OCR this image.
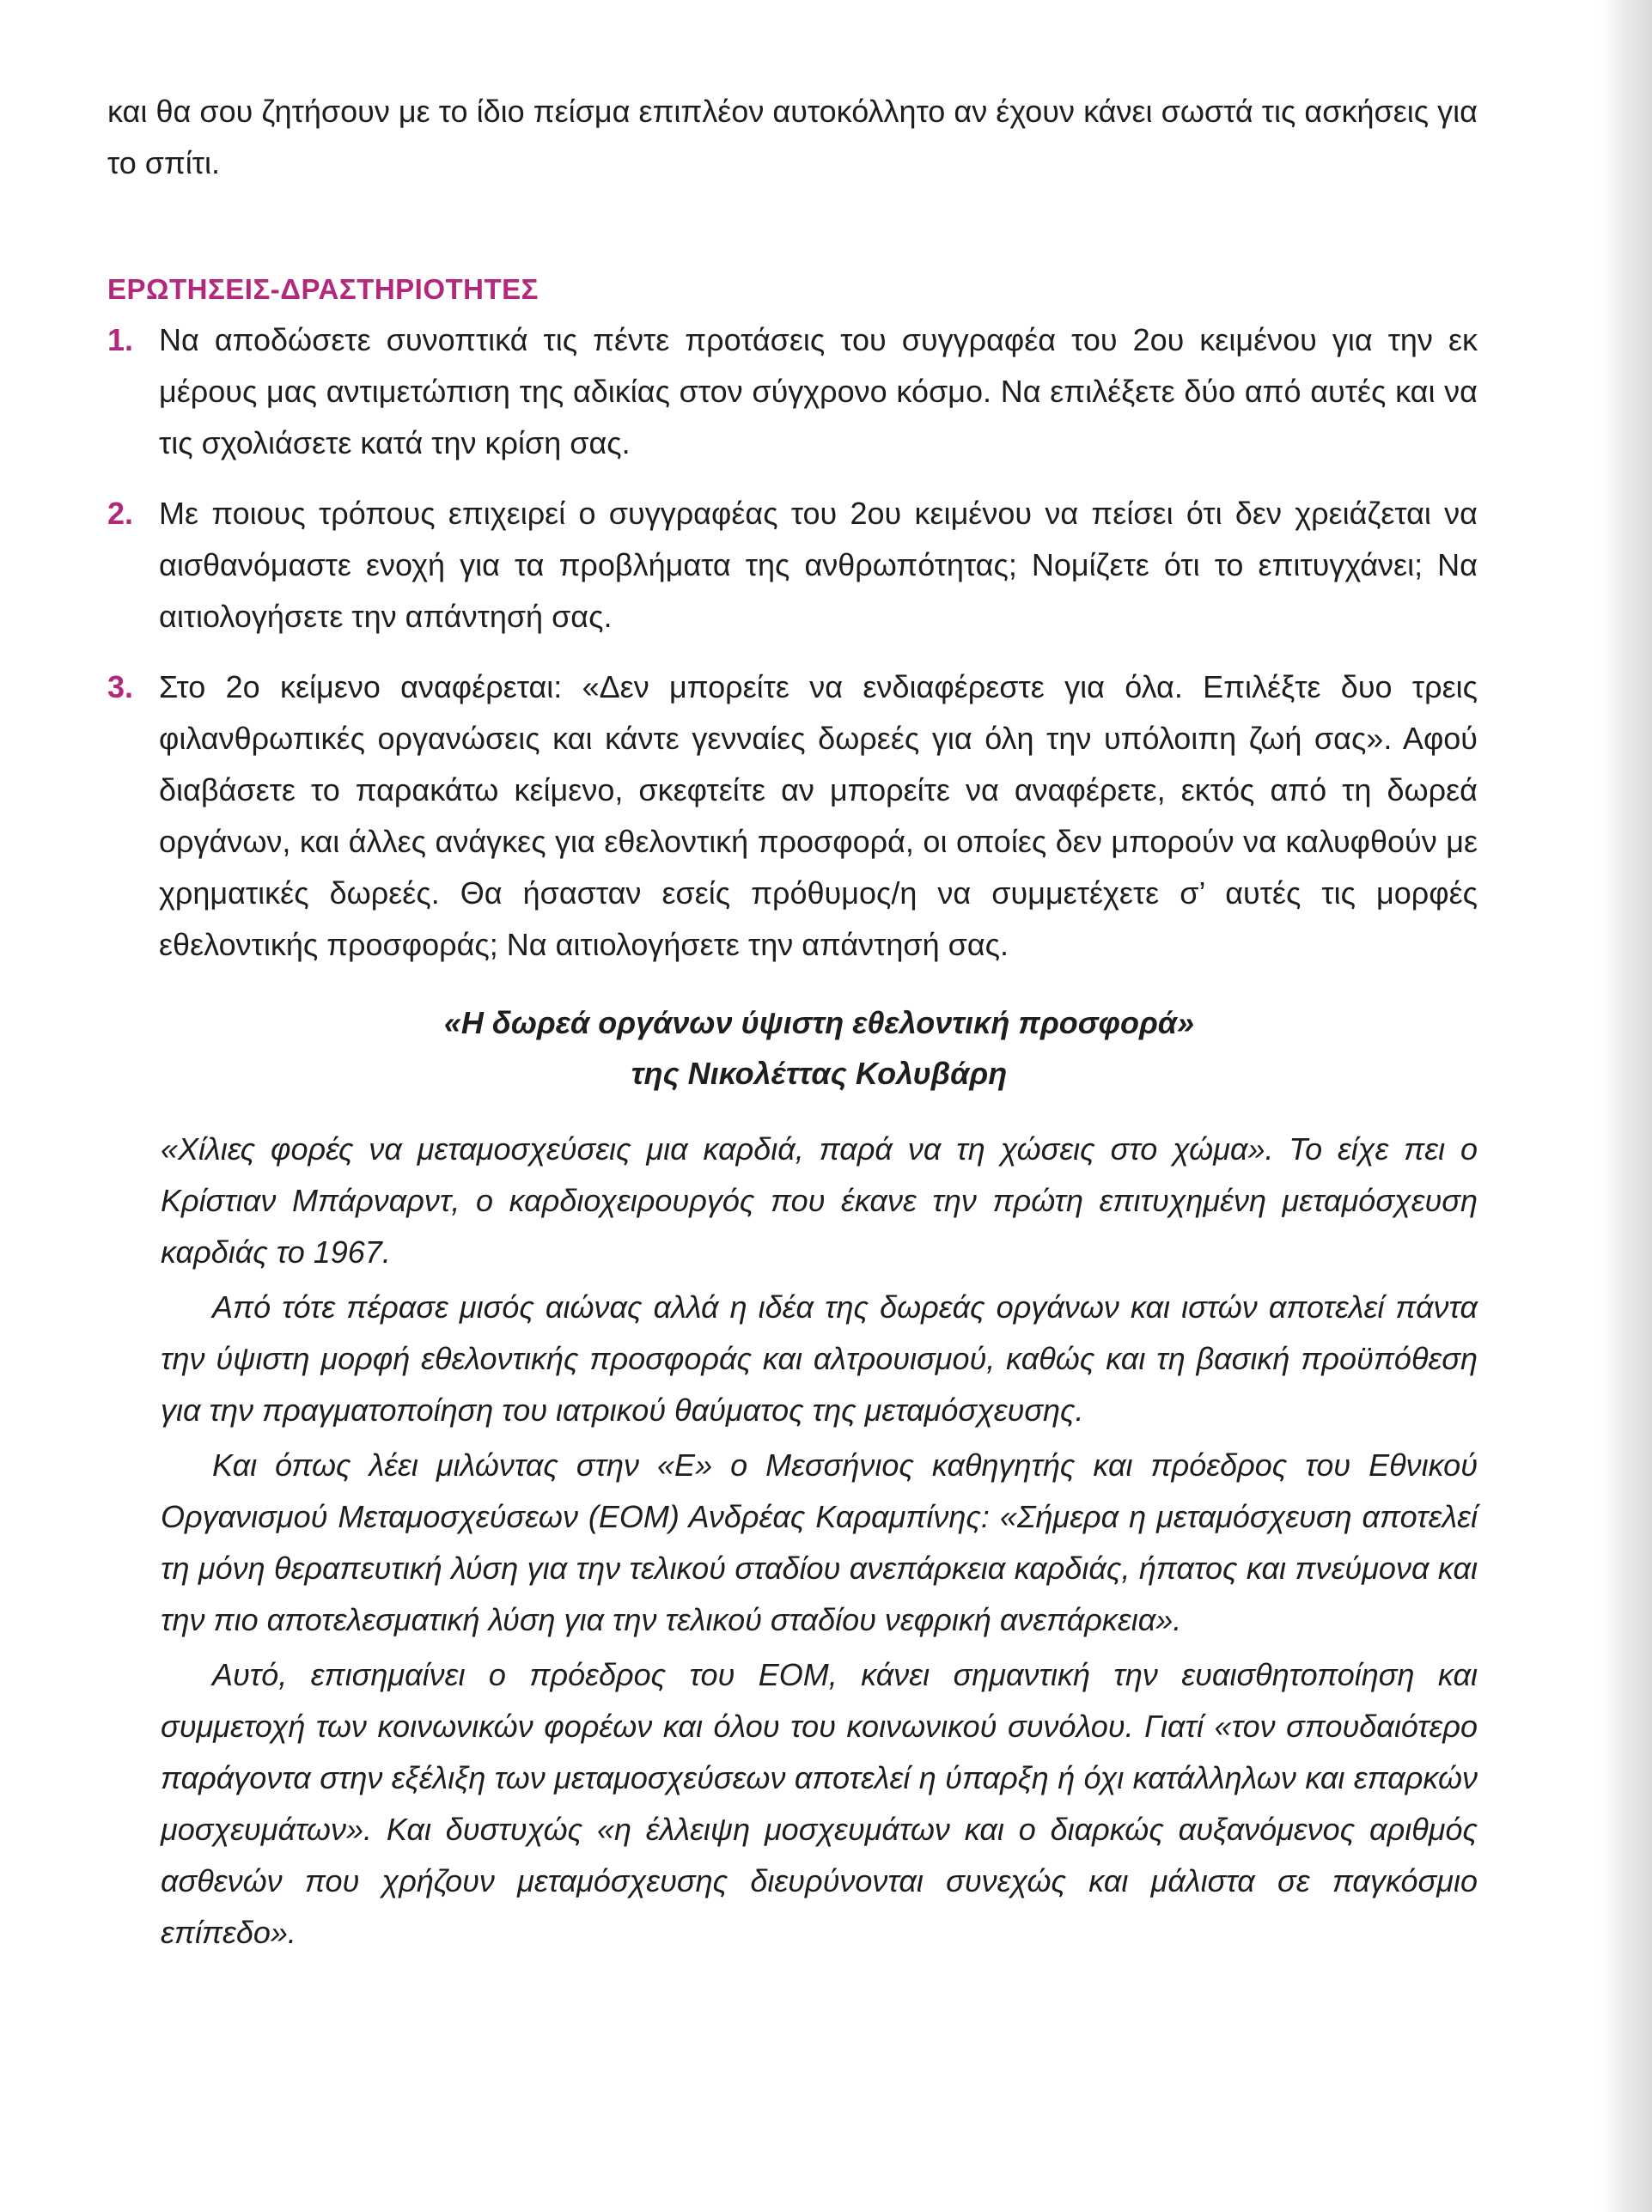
και θα σου ζητήσουν με το ίδιο πείσμα επιπλέον αυτοκόλλητο αν έχουν κάνει σωστά τις ασκήσεις για το σπίτι.

ΕΡΩΤΗΣΕΙΣ-ΔΡΑΣΤΗΡΙΟΤΗΤΕΣ
1. Να αποδώσετε συνοπτικά τις πέντε προτάσεις του συγγραφέα του 2ου κειμένου για την εκ μέρους μας αντιμετώπιση της αδικίας στον σύγχρονο κόσμο. Να επιλέξετε δύο από αυτές και να τις σχολιάσετε κατά την κρίση σας.
2. Με ποιους τρόπους επιχειρεί ο συγγραφέας του 2ου κειμένου να πείσει ότι δεν χρειάζεται να αισθανόμαστε ενοχή για τα προβλήματα της ανθρωπότητας; Νομίζετε ότι το επιτυγχάνει; Να αιτιολογήσετε την απάντησή σας.
3. Στο 2ο κείμενο αναφέρεται: «Δεν μπορείτε να ενδιαφέρεστε για όλα. Επιλέξτε δυο τρεις φιλανθρωπικές οργανώσεις και κάντε γενναίες δωρεές για όλη την υπόλοιπη ζωή σας». Αφού διαβάσετε το παρακάτω κείμενο, σκεφτείτε αν μπορείτε να αναφέρετε, εκτός από τη δωρεά οργάνων, και άλλες ανάγκες για εθελοντική προσφορά, οι οποίες δεν μπορούν να καλυφθούν με χρηματικές δωρεές. Θα ήσασταν εσείς πρόθυμος/η να συμμετέχετε σ’ αυτές τις μορφές εθελοντικής προσφοράς; Να αιτιολογήσετε την απάντησή σας.
«Η δωρεά οργάνων ύψιστη εθελοντική προσφορά»
της Νικολέττας Κολυβάρη

«Χίλιες φορές να μεταμοσχεύσεις μια καρδιά, παρά να τη χώσεις στο χώμα». Το είχε πει ο Κρίστιαν Μπάρναρντ, ο καρδιοχειρουργός που έκανε την πρώτη επιτυχημένη μεταμόσχευση καρδιάς το 1967.

Από τότε πέρασε μισός αιώνας αλλά η ιδέα της δωρεάς οργάνων και ιστών αποτελεί πάντα την ύψιστη μορφή εθελοντικής προσφοράς και αλτρουισμού, καθώς και τη βασική προϋπόθεση για την πραγματοποίηση του ιατρικού θαύματος της μεταμόσχευσης.

Και όπως λέει μιλώντας στην «Ε» ο Μεσσήνιος καθηγητής και πρόεδρος του Εθνικού Οργανισμού Μεταμοσχεύσεων (ΕΟΜ) Ανδρέας Καραμπίνης: «Σήμερα η μεταμόσχευση αποτελεί τη μόνη θεραπευτική λύση για την τελικού σταδίου ανεπάρκεια καρδιάς, ήπατος και πνεύμονα και την πιο αποτελεσματική λύση για την τελικού σταδίου νεφρική ανεπάρκεια».

Αυτό, επισημαίνει ο πρόεδρος του ΕΟΜ, κάνει σημαντική την ευαισθητοποίηση και συμμετοχή των κοινωνικών φορέων και όλου του κοινωνικού συνόλου. Γιατί «τον σπουδαιότερο παράγοντα στην εξέλιξη των μεταμοσχεύσεων αποτελεί η ύπαρξη ή όχι κατάλληλων και επαρκών μοσχευμάτων». Και δυστυχώς «η έλλειψη μοσχευμάτων και ο διαρκώς αυξανόμενος αριθμός ασθενών που χρήζουν μεταμόσχευσης διευρύνονται συνεχώς και μάλιστα σε παγκόσμιο επίπεδο».
